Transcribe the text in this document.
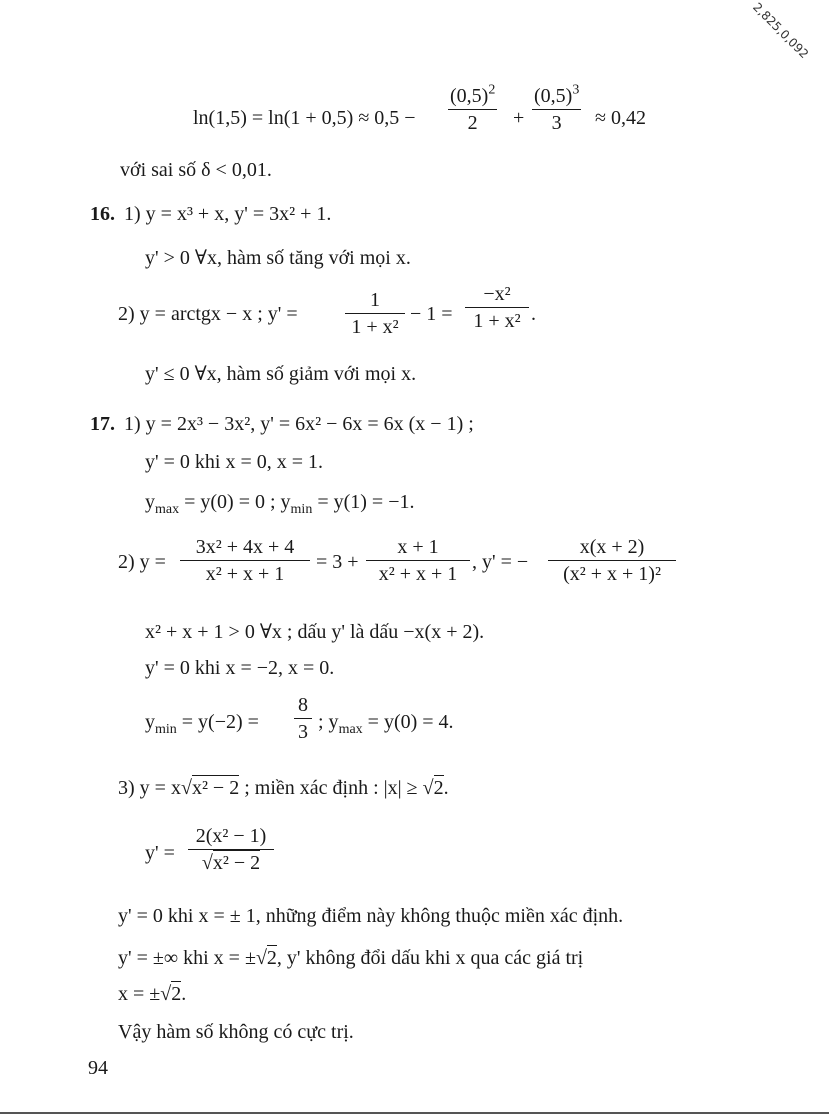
2,825,0,092
$\ln(1,5) = \ln(1 + 0,5) \approx 0,5 - \frac{(0,5)^2}{2} + \frac{(0,5)^3}{3} \approx 0,42$
với sai số δ < 0,01.
16. 1) y = x³ + x, y' = 3x² + 1.
y' > 0 ∀x, hàm số tăng với mọi x.
2) y = arctgx − x ; $y' = \frac{1}{\text{1 + x²}} - 1 = \frac{\text{−x²}}{\text{1 + x²}}$ .
y' ≤ 0 ∀x, hàm số giảm với mọi x.
17. 1) y = 2x³ − 3x², y' = 6x² − 6x = 6x (x − 1) ;
y' = 0 khi x = 0, x = 1.
$y_{max} = y(0) = 0$ ; $y_{min} = y(1) = -1$.
2) $y = \frac{\text{3x² + 4x + 4}}{\text{x² + x + 1}} = 3 + \frac{x + 1}{\text{x² + x + 1}}$ , y' = − $\frac{x(x + 2)}{\text{(x² + x + 1)²}}$
x² + x + 1 > 0 ∀x ; dấu y' là dấu −x(x + 2).
y' = 0 khi x = −2, x = 0.
$y_{min} = y(-2) = \frac{8}{3}$ ; $y_{max} = y(0) = 4$.
3) y = x√x² − 2 ; miền xác định : |x| ≥ √2.
$y' = \frac{\text{2(x² − 1)}}{\text{√x² − 2}}$
y' = 0 khi x = ± 1, những điểm này không thuộc miền xác định.
y' = ±∞ khi x = ±√2, y' không đổi dấu khi x qua các giá trị
x = ±√2.
Vậy hàm số không có cực trị.
94
